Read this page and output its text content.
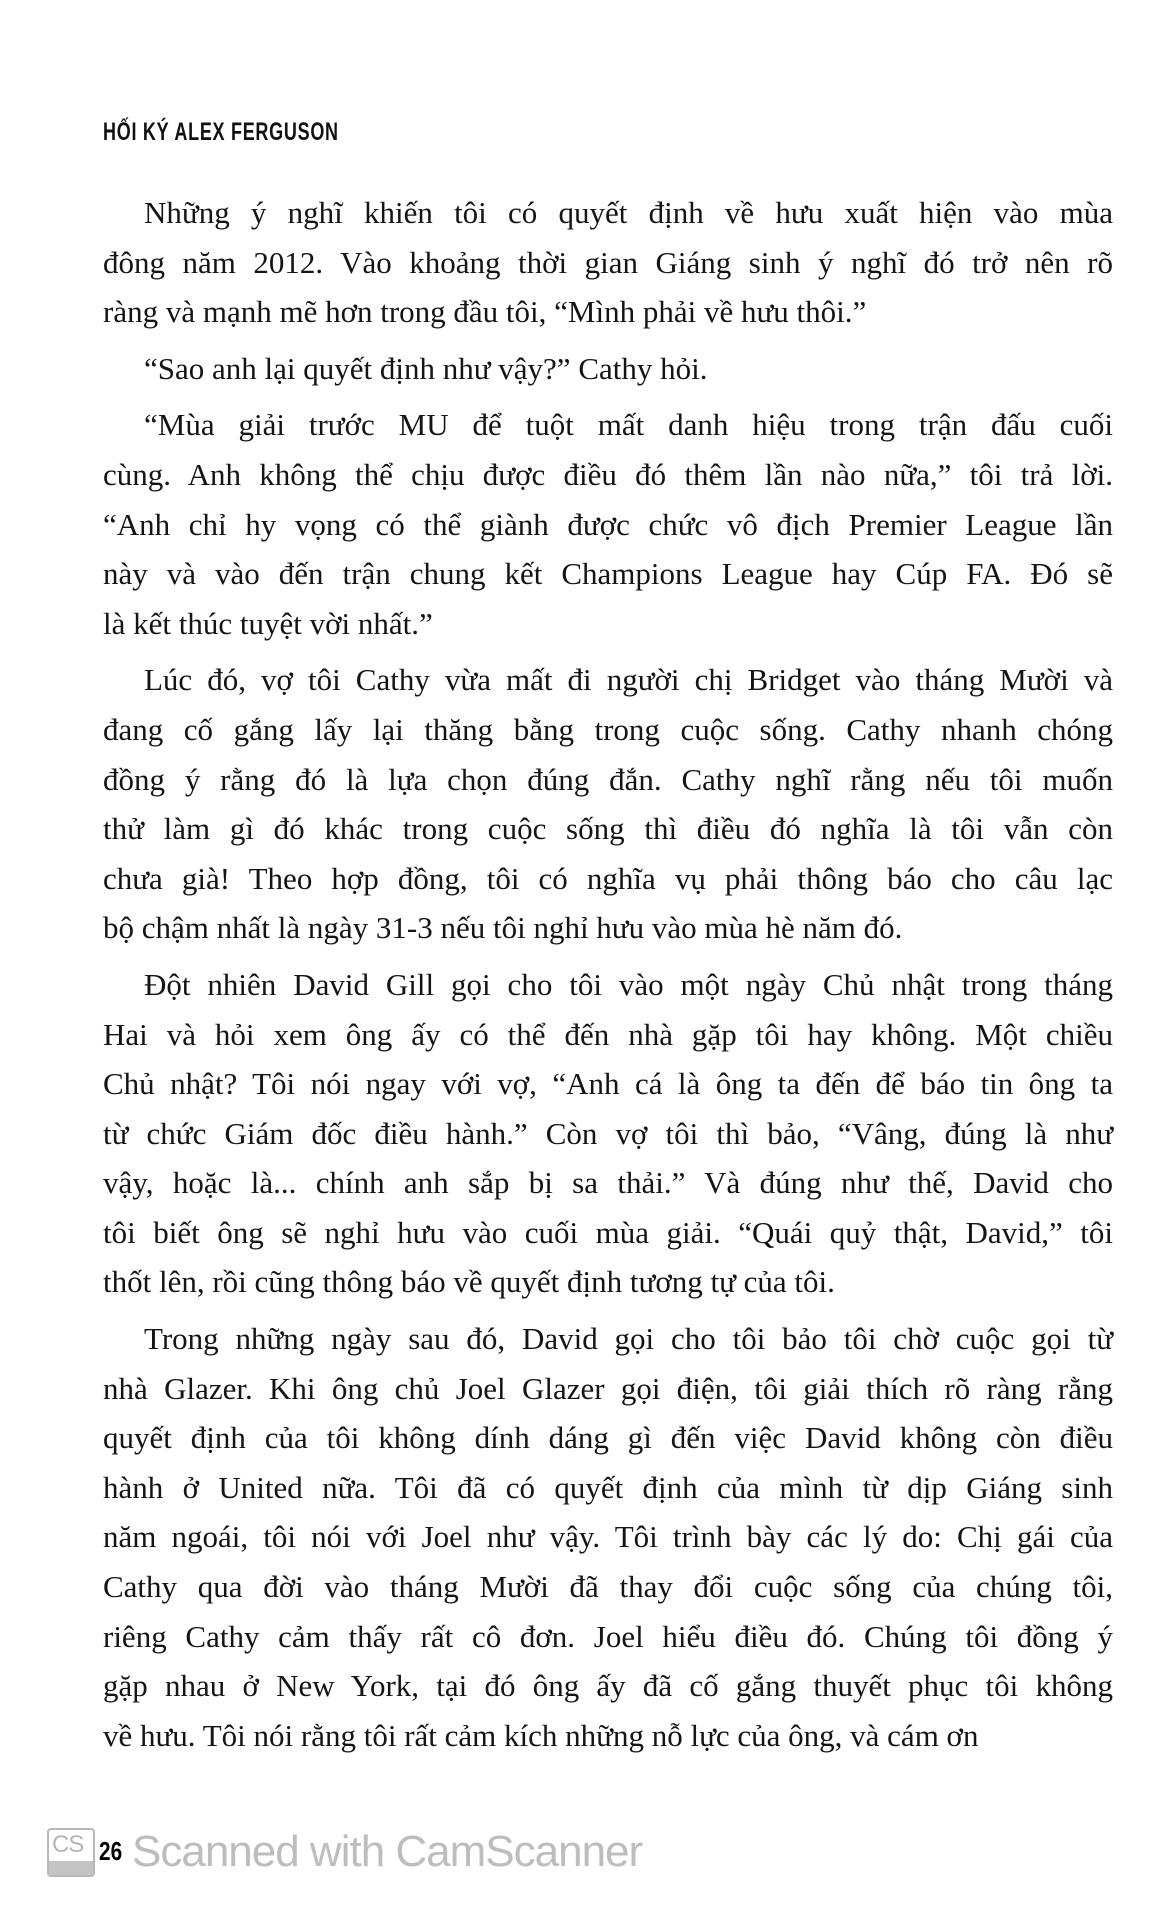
HỐI KÝ ALEX FERGUSON

Những ý nghĩ khiến tôi có quyết định về hưu xuất hiện vào mùa
đông năm 2012. Vào khoảng thời gian Giáng sinh ý nghĩ đó trở nên rõ
ràng và mạnh mẽ hơn trong đầu tôi, “Mình phải về hưu thôi.”

“Sao anh lại quyết định như vậy?” Cathy hỏi.

“Mùa giải trước MU để tuột mất danh hiệu trong trận đấu cuối
cùng. Anh không thể chịu được điều đó thêm lần nào nữa,” tôi trả lời.
“Anh chỉ hy vọng có thể giành được chức vô địch Premier League lần
này và vào đến trận chung kết Champions League hay Cúp FA. Đó sẽ
là kết thúc tuyệt vời nhất.”

Lúc đó, vợ tôi Cathy vừa mất đi người chị Bridget vào tháng Mười và
đang cố gắng lấy lại thăng bằng trong cuộc sống. Cathy nhanh chóng
đồng ý rằng đó là lựa chọn đúng đắn. Cathy nghĩ rằng nếu tôi muốn
thử làm gì đó khác trong cuộc sống thì điều đó nghĩa là tôi vẫn còn
chưa già! Theo hợp đồng, tôi có nghĩa vụ phải thông báo cho câu lạc
bộ chậm nhất là ngày 31-3 nếu tôi nghỉ hưu vào mùa hè năm đó.

Đột nhiên David Gill gọi cho tôi vào một ngày Chủ nhật trong tháng
Hai và hỏi xem ông ấy có thể đến nhà gặp tôi hay không. Một chiều
Chủ nhật? Tôi nói ngay với vợ, “Anh cá là ông ta đến để báo tin ông ta
từ chức Giám đốc điều hành.” Còn vợ tôi thì bảo, “Vâng, đúng là như
vậy, hoặc là... chính anh sắp bị sa thải.” Và đúng như thế, David cho
tôi biết ông sẽ nghỉ hưu vào cuối mùa giải. “Quái quỷ thật, David,” tôi
thốt lên, rồi cũng thông báo về quyết định tương tự của tôi.

Trong những ngày sau đó, David gọi cho tôi bảo tôi chờ cuộc gọi từ
nhà Glazer. Khi ông chủ Joel Glazer gọi điện, tôi giải thích rõ ràng rằng
quyết định của tôi không dính dáng gì đến việc David không còn điều
hành ở United nữa. Tôi đã có quyết định của mình từ dịp Giáng sinh
năm ngoái, tôi nói với Joel như vậy. Tôi trình bày các lý do: Chị gái của
Cathy qua đời vào tháng Mười đã thay đổi cuộc sống của chúng tôi,
riêng Cathy cảm thấy rất cô đơn. Joel hiểu điều đó. Chúng tôi đồng ý
gặp nhau ở New York, tại đó ông ấy đã cố gắng thuyết phục tôi không
về hưu. Tôi nói rằng tôi rất cảm kích những nỗ lực của ông, và cám ơn

26
CS Scanned with CamScanner
